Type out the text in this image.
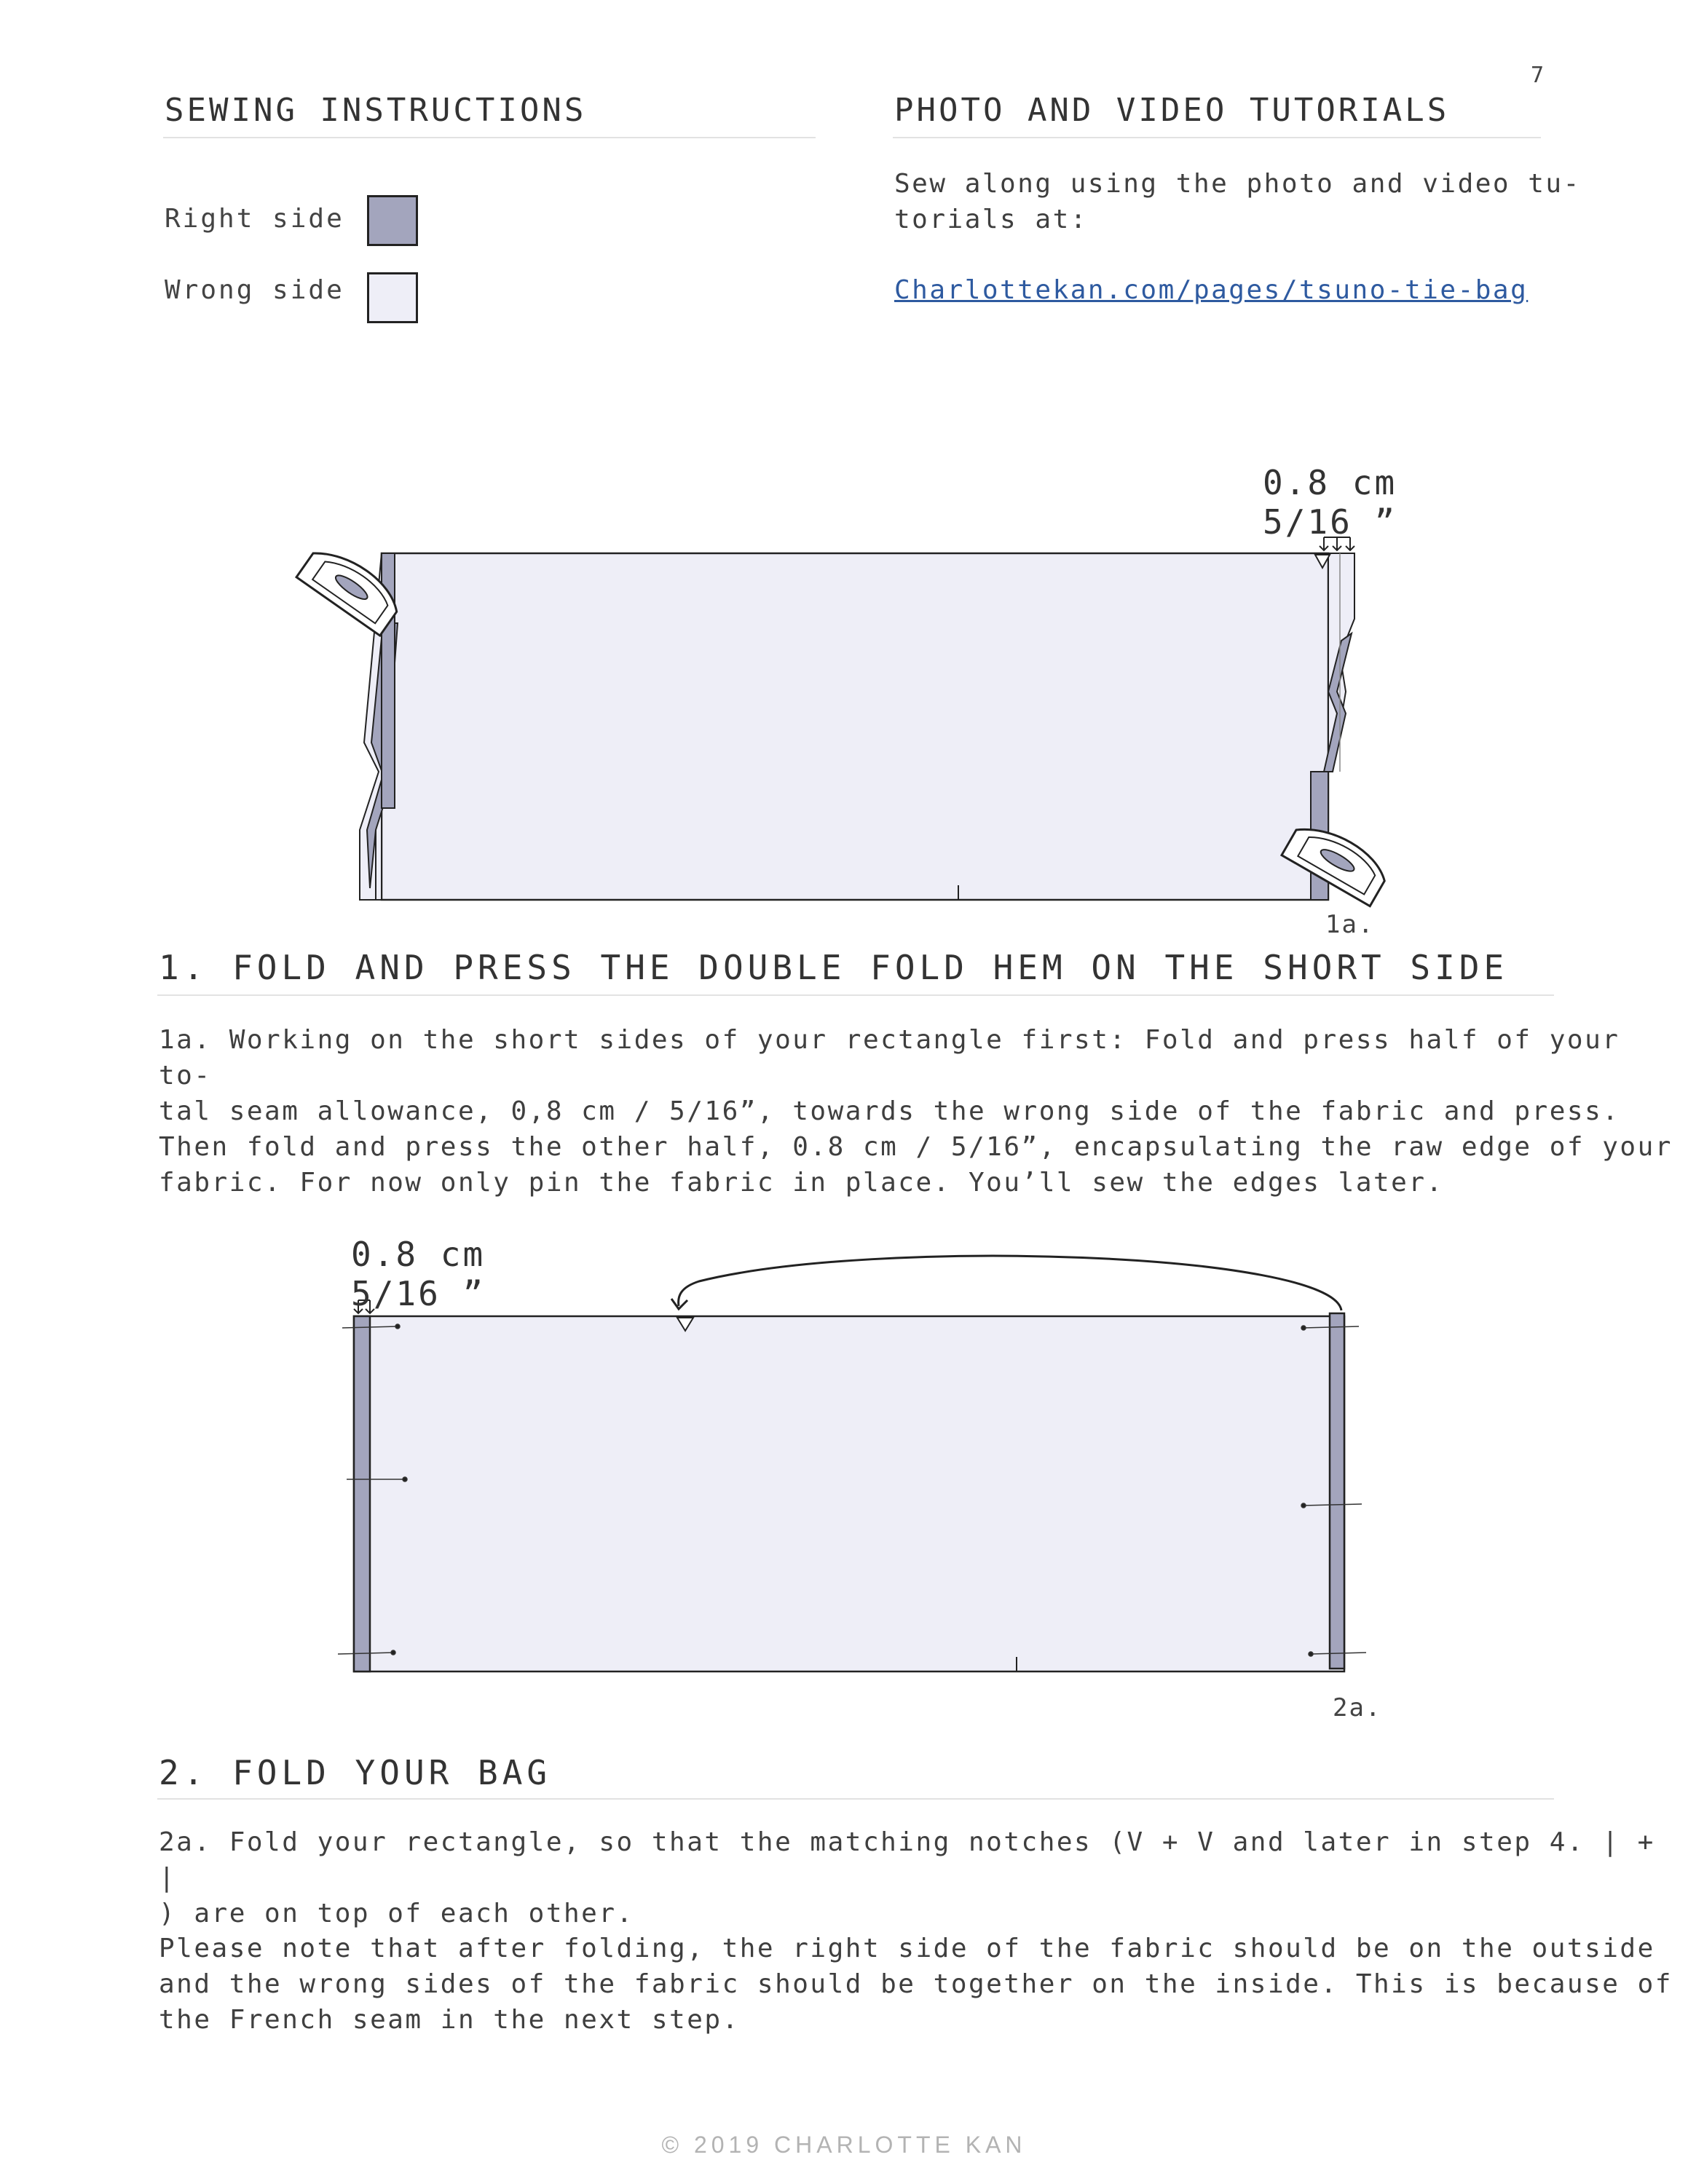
7
SEWING INSTRUCTIONS
Right side
Wrong side
PHOTO AND VIDEO TUTORIALS
Sew along using the photo and video tu-
torials at:
Charlottekan.com/pages/tsuno-tie-bag
0.8 cm
5/16 ”
1a.
1. FOLD AND PRESS THE DOUBLE FOLD HEM ON THE SHORT SIDE

1a. Working on the short sides of your rectangle first: Fold and press half of your to-

tal seam allowance, 0,8 cm / 5/16”, towards the wrong side of the fabric and press.

Then fold and press the other half, 0.8 cm / 5/16”, encapsulating the raw edge of your

fabric. For now only pin the fabric in place. You’ll sew the edges later.

0.8 cm
5/16 ”
2a.
2. FOLD YOUR BAG

2a. Fold your rectangle, so that the matching notches (V + V and later in step 4. | + |

) are on top of each other.

Please note that after folding, the right side of the fabric should be on the outside

and the wrong sides of the fabric should be together on the inside. This is because of

the French seam in the next step.

© 2019 CHARLOTTE KAN
